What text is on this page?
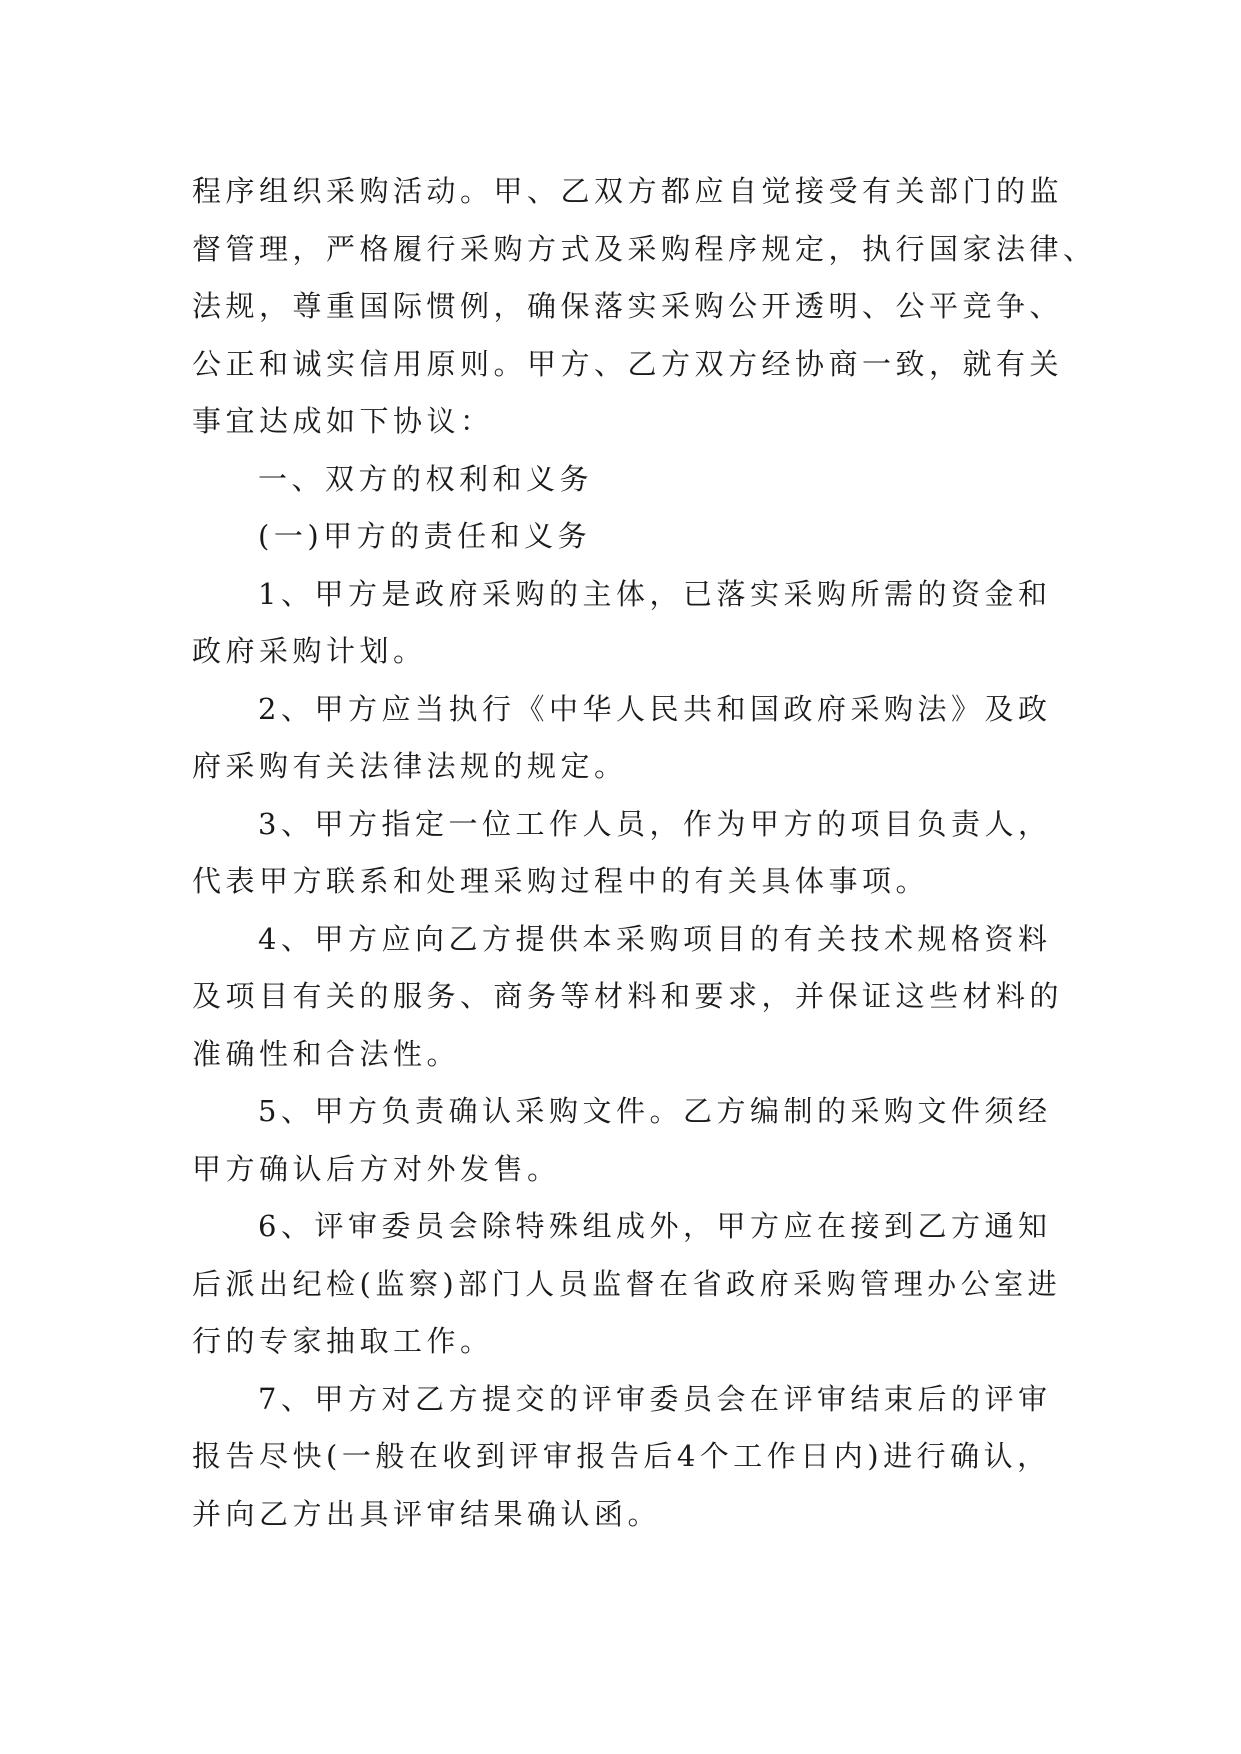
程序组织采购活动。甲、乙双方都应自觉接受有关部门的监
督管理，严格履行采购方式及采购程序规定，执行国家法律、
法规，尊重国际惯例，确保落实采购公开透明、公平竞争、
公正和诚实信用原则。甲方、乙方双方经协商一致，就有关
事宜达成如下协议：
一、双方的权利和义务
(一)甲方的责任和义务
1、甲方是政府采购的主体，已落实采购所需的资金和
政府采购计划。
2、甲方应当执行《中华人民共和国政府采购法》及政
府采购有关法律法规的规定。
3、甲方指定一位工作人员，作为甲方的项目负责人，
代表甲方联系和处理采购过程中的有关具体事项。
4、甲方应向乙方提供本采购项目的有关技术规格资料
及项目有关的服务、商务等材料和要求，并保证这些材料的
准确性和合法性。
5、甲方负责确认采购文件。乙方编制的采购文件须经
甲方确认后方对外发售。
6、评审委员会除特殊组成外，甲方应在接到乙方通知
后派出纪检(监察)部门人员监督在省政府采购管理办公室进
行的专家抽取工作。
7、甲方对乙方提交的评审委员会在评审结束后的评审
报告尽快(一般在收到评审报告后4个工作日内)进行确认，
并向乙方出具评审结果确认函。
